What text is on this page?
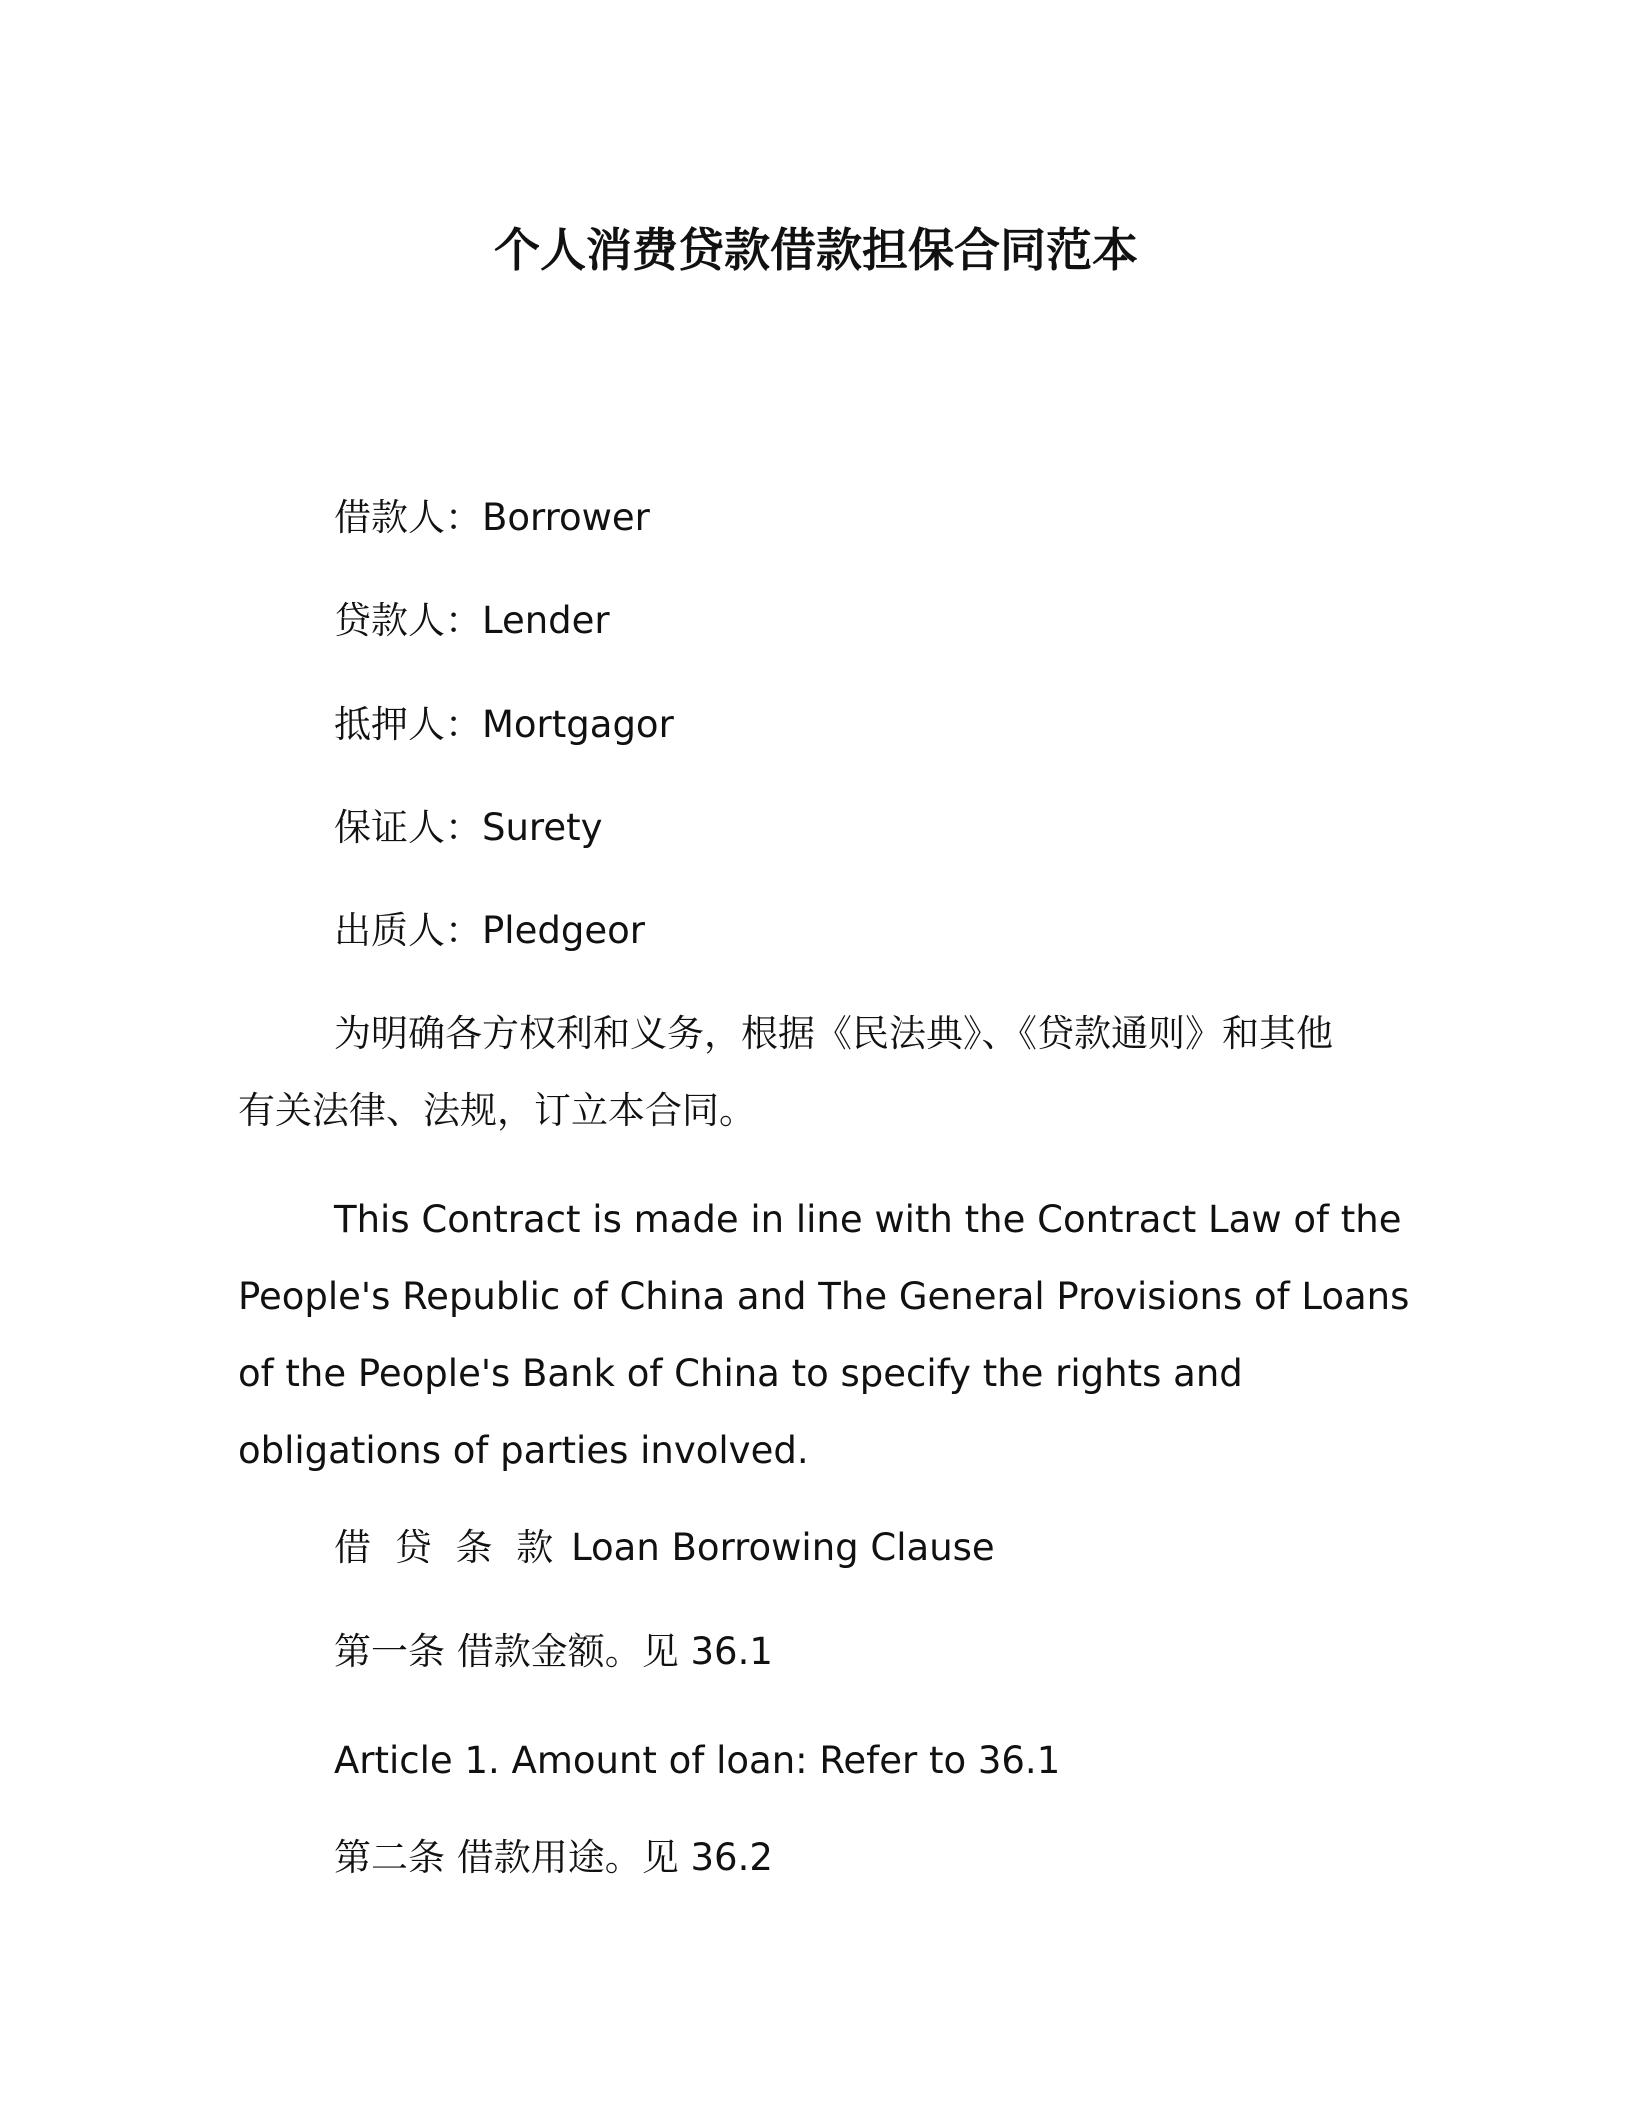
个人消费贷款借款担保合同范本
借款人：Borrower
贷款人：Lender
抵押人：Mortgagor
保证人：Surety
出质人：Pledgeor
为明确各方权利和义务，根据《民法典》、《贷款通则》和其他
有关法律、法规，订立本合同。
This Contract is made in line with the Contract Law of the
People's Republic of China and The General Provisions of Loans
of the People's Bank of China to specify the rights and
obligations of parties involved.
借 贷 条 款 Loan Borrowing Clause
第一条 借款金额。见 36.1
Article 1. Amount of loan: Refer to 36.1
第二条 借款用途。见 36.2
